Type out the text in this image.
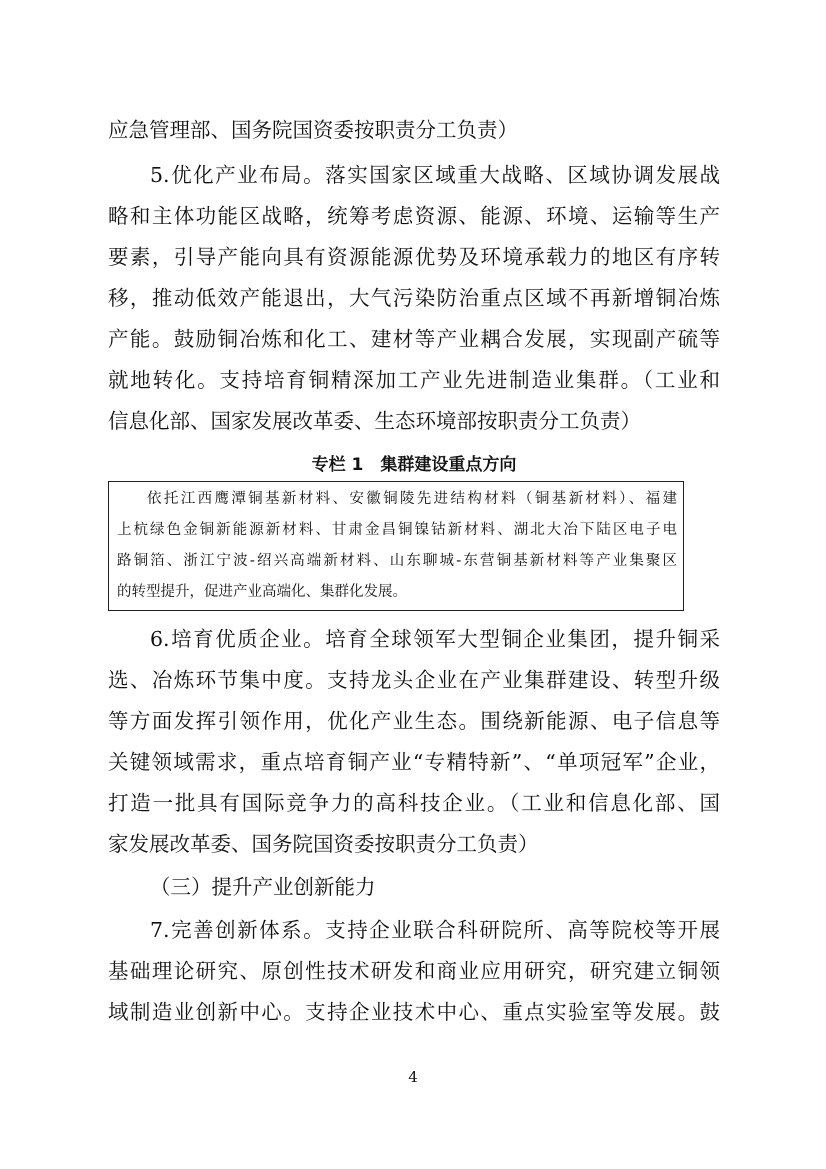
应急管理部、国务院国资委按职责分工负责）
5.优化产业布局。落实国家区域重大战略、区域协调发展战
略和主体功能区战略，统筹考虑资源、能源、环境、运输等生产
要素，引导产能向具有资源能源优势及环境承载力的地区有序转
移，推动低效产能退出，大气污染防治重点区域不再新增铜冶炼
产能。鼓励铜冶炼和化工、建材等产业耦合发展，实现副产硫等
就地转化。支持培育铜精深加工产业先进制造业集群。（工业和
信息化部、国家发展改革委、生态环境部按职责分工负责）
专栏 1　集群建设重点方向
依托江西鹰潭铜基新材料、安徽铜陵先进结构材料（铜基新材料）、福建
上杭绿色金铜新能源新材料、甘肃金昌铜镍钴新材料、湖北大冶下陆区电子电
路铜箔、浙江宁波-绍兴高端新材料、山东聊城-东营铜基新材料等产业集聚区
的转型提升，促进产业高端化、集群化发展。
6.培育优质企业。培育全球领军大型铜企业集团，提升铜采
选、冶炼环节集中度。支持龙头企业在产业集群建设、转型升级
等方面发挥引领作用，优化产业生态。围绕新能源、电子信息等
关键领域需求，重点培育铜产业“专精特新”、“单项冠军”企业，
打造一批具有国际竞争力的高科技企业。（工业和信息化部、国
家发展改革委、国务院国资委按职责分工负责）
（三）提升产业创新能力
7.完善创新体系。支持企业联合科研院所、高等院校等开展
基础理论研究、原创性技术研发和商业应用研究，研究建立铜领
域制造业创新中心。支持企业技术中心、重点实验室等发展。鼓
4
